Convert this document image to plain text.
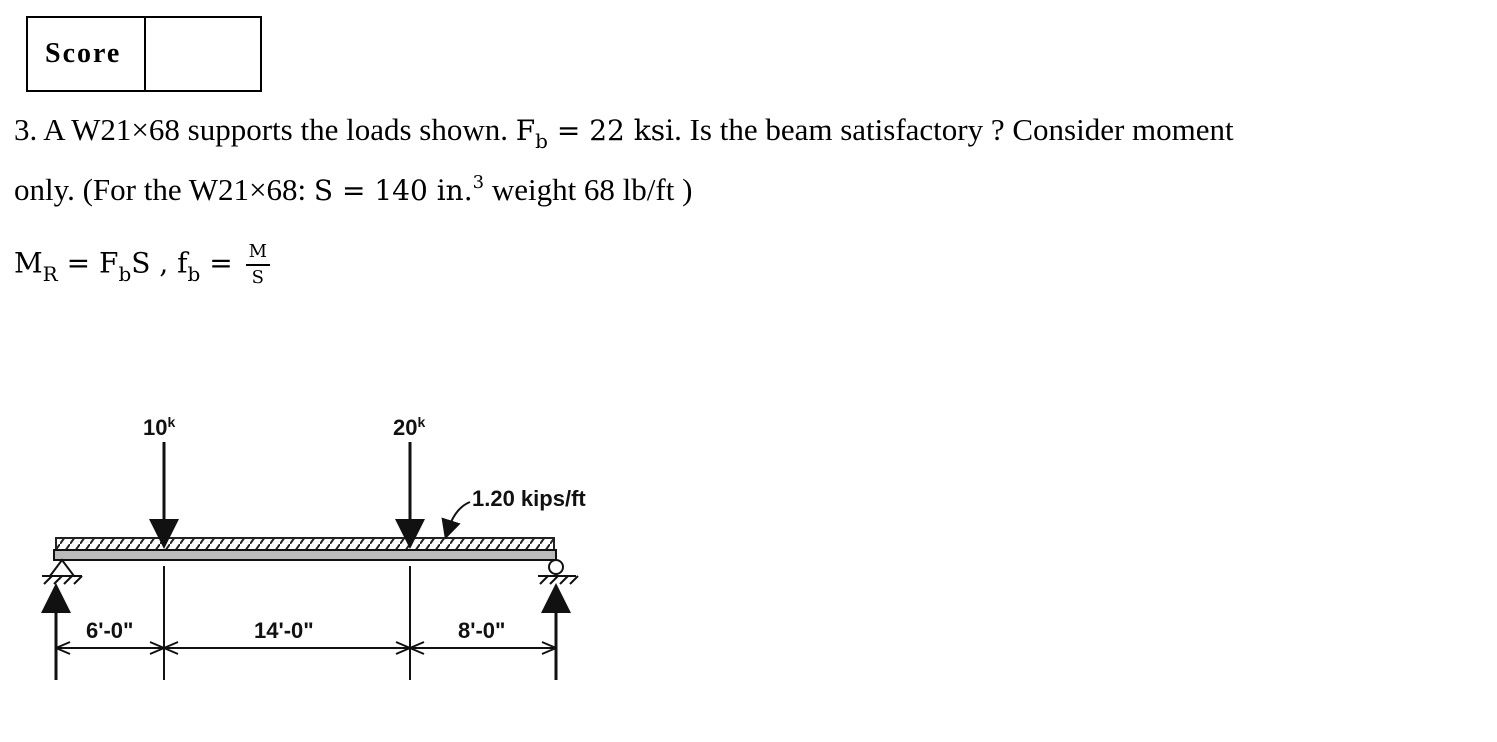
Score
3. A W21×68 supports the loads shown. $F_b = 22$ ksi. Is the beam satisfactory ? Consider moment
only. (For the W21×68: S = 140 in.$^3$ weight 68 lb/ft )
$M_R = F_bS$ , $f_b = \frac{M}{S}$
10$^k$	20$^k$
1.20 kips/ft
6'-0"	14'-0"	8'-0"
